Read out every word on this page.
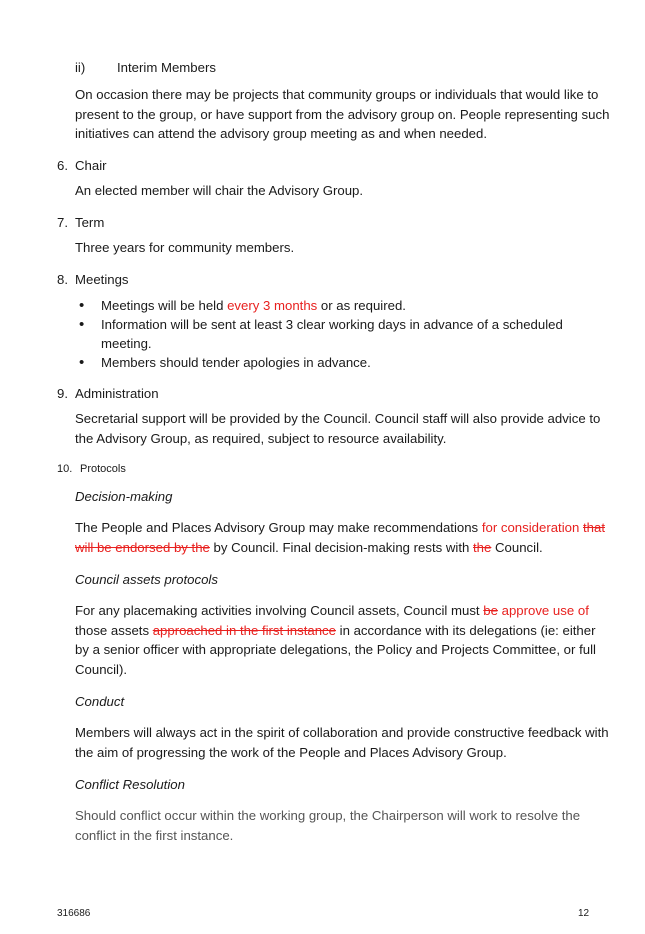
ii) Interim Members

On occasion there may be projects that community groups or individuals that would like to present to the group, or have support from the advisory group on. People representing such initiatives can attend the advisory group meeting as and when needed.

6. Chair

An elected member will chair the Advisory Group.

7. Term

Three years for community members.

8. Meetings
• Meetings will be held every 3 months or as required.
• Information will be sent at least 3 clear working days in advance of a scheduled meeting.
• Members should tender apologies in advance.
9. Administration

Secretarial support will be provided by the Council. Council staff will also provide advice to the Advisory Group, as required, subject to resource availability.

10. Protocols

Decision-making

The People and Places Advisory Group may make recommendations for consideration that will be endorsed by the by Council. Final decision-making rests with the Council.

Council assets protocols

For any placemaking activities involving Council assets, Council must be approve use of those assets approached in the first instance in accordance with its delegations (ie: either by a senior officer with appropriate delegations, the Policy and Projects Committee, or full Council).

Conduct

Members will always act in the spirit of collaboration and provide constructive feedback with the aim of progressing the work of the People and Places Advisory Group.

Conflict Resolution

Should conflict occur within the working group, the Chairperson will work to resolve the conflict in the first instance.

316686	12
